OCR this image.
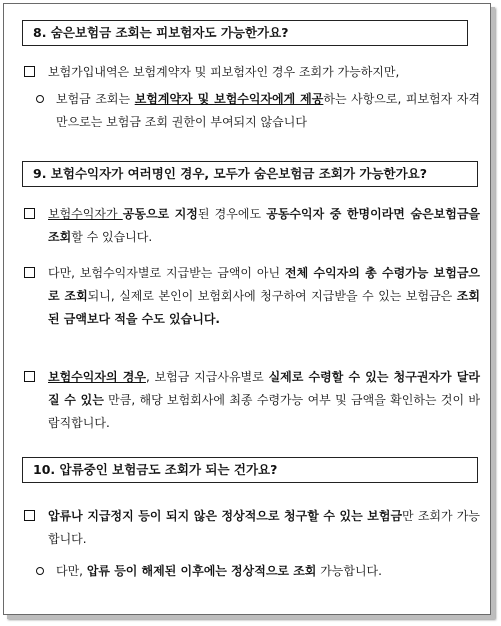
8. 숨은보험금 조회는 피보험자도 가능한가요?
보험가입내역은 보험계약자 및 피보험자인 경우 조회가 가능하지만,
보험금 조회는 보험계약자 및 보험수익자에게 제공하는 사항으로, 피보험자 자격만으로는 보험금 조회 권한이 부여되지 않습니다
9. 보험수익자가 여러명인 경우, 모두가 숨은보험금 조회가 가능한가요?
보험수익자가 공동으로 지정된 경우에도 공동수익자 중 한명이라면 숨은보험금을 조회할 수 있습니다.
다만, 보험수익자별로 지급받는 금액이 아닌 전체 수익자의 총 수령가능 보험금으로 조회되니, 실제로 본인이 보험회사에 청구하여 지급받을 수 있는 보험금은 조회된 금액보다 적을 수도 있습니다.
보험수익자의 경우, 보험금 지급사유별로 실제로 수령할 수 있는 청구권자가 달라질 수 있는 만큼, 해당 보험회사에 최종 수령가능 여부 및 금액을 확인하는 것이 바람직합니다.
10. 압류중인 보험금도 조회가 되는 건가요?
압류나 지급정지 등이 되지 않은 정상적으로 청구할 수 있는 보험금만 조회가 가능합니다.
다만, 압류 등이 해제된 이후에는 정상적으로 조회 가능합니다.
